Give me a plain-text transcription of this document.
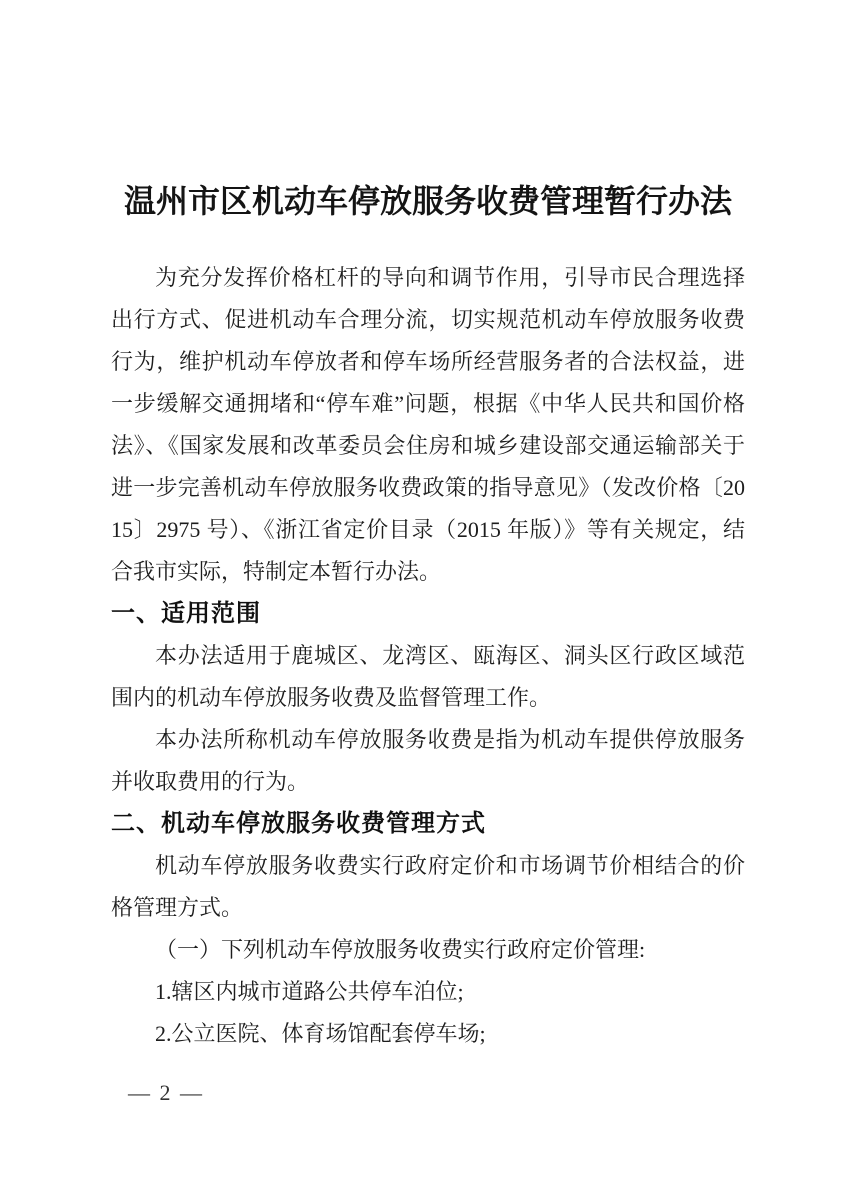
温州市区机动车停放服务收费管理暂行办法

为充分发挥价格杠杆的导向和调节作用，引导市民合理选择出行方式、促进机动车合理分流，切实规范机动车停放服务收费行为，维护机动车停放者和停车场所经营服务者的合法权益，进一步缓解交通拥堵和“停车难”问题，根据《中华人民共和国价格法》、《国家发展和改革委员会住房和城乡建设部交通运输部关于进一步完善机动车停放服务收费政策的指导意见》（发改价格〔2015〕2975 号）、《浙江省定价目录（2015 年版）》等有关规定，结合我市实际，特制定本暂行办法。

一、适用范围

本办法适用于鹿城区、龙湾区、瓯海区、洞头区行政区域范围内的机动车停放服务收费及监督管理工作。

本办法所称机动车停放服务收费是指为机动车提供停放服务并收取费用的行为。

二、机动车停放服务收费管理方式

机动车停放服务收费实行政府定价和市场调节价相结合的价格管理方式。

（一）下列机动车停放服务收费实行政府定价管理:

1.辖区内城市道路公共停车泊位;

2.公立医院、体育场馆配套停车场;

— 2 —
